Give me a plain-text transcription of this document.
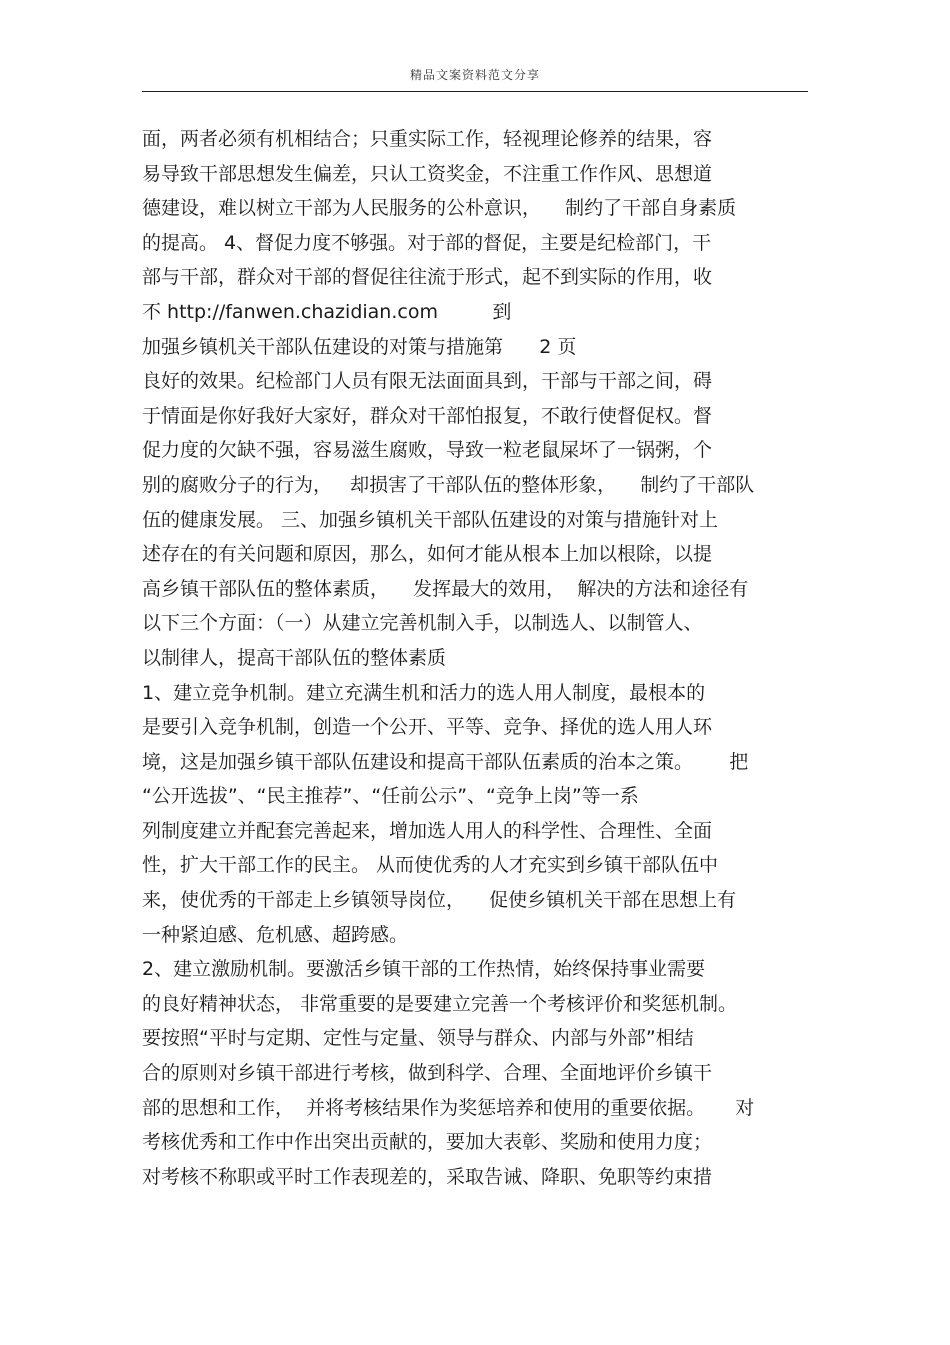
精品文案资料范文分享
面，两者必须有机相结合；只重实际工作，轻视理论修养的结果，容
易导致干部思想发生偏差，只认工资奖金，不注重工作作风、思想道
德建设，难以树立干部为人民服务的公朴意识，    制约了干部自身素质
的提高。 4、督促力度不够强。对于部的督促，主要是纪检部门，干
部与干部，群众对干部的督促往往流于形式，起不到实际的作用，收
不 http://fanwen.chazidian.com         到
加强乡镇机关干部队伍建设的对策与措施第      2 页
良好的效果。纪检部门人员有限无法面面具到，干部与干部之间，碍
于情面是你好我好大家好，群众对干部怕报复，不敢行使督促权。督
促力度的欠缺不强，容易滋生腐败，导致一粒老鼠屎坏了一锅粥，个
别的腐败分子的行为，   却损害了干部队伍的整体形象，    制约了干部队
伍的健康发展。 三、加强乡镇机关干部队伍建设的对策与措施针对上
述存在的有关问题和原因，那么，如何才能从根本上加以根除，以提
高乡镇干部队伍的整体素质，    发挥最大的效用，  解决的方法和途径有
以下三个方面：（一）从建立完善机制入手，以制选人、以制管人、
以制律人，提高干部队伍的整体素质
1、建立竞争机制。建立充满生机和活力的选人用人制度，最根本的
是要引入竞争机制，创造一个公开、平等、竞争、择优的选人用人环
境，这是加强乡镇干部队伍建设和提高干部队伍素质的治本之策。      把
“公开选拔”、“民主推荐”、“任前公示”、“竞争上岗”等一系
列制度建立并配套完善起来，增加选人用人的科学性、合理性、全面
性，扩大干部工作的民主。 从而使优秀的人才充实到乡镇干部队伍中
来，使优秀的干部走上乡镇领导岗位，    促使乡镇机关干部在思想上有
一种紧迫感、危机感、超跨感。
2、建立激励机制。要激活乡镇干部的工作热情，始终保持事业需要
的良好精神状态， 非常重要的是要建立完善一个考核评价和奖惩机制。
要按照“平时与定期、定性与定量、领导与群众、内部与外部”相结
合的原则对乡镇干部进行考核，做到科学、合理、全面地评价乡镇干
部的思想和工作，  并将考核结果作为奖惩培养和使用的重要依据。     对
考核优秀和工作中作出突出贡献的，要加大表彰、奖励和使用力度；
对考核不称职或平时工作表现差的，采取告诫、降职、免职等约束措
